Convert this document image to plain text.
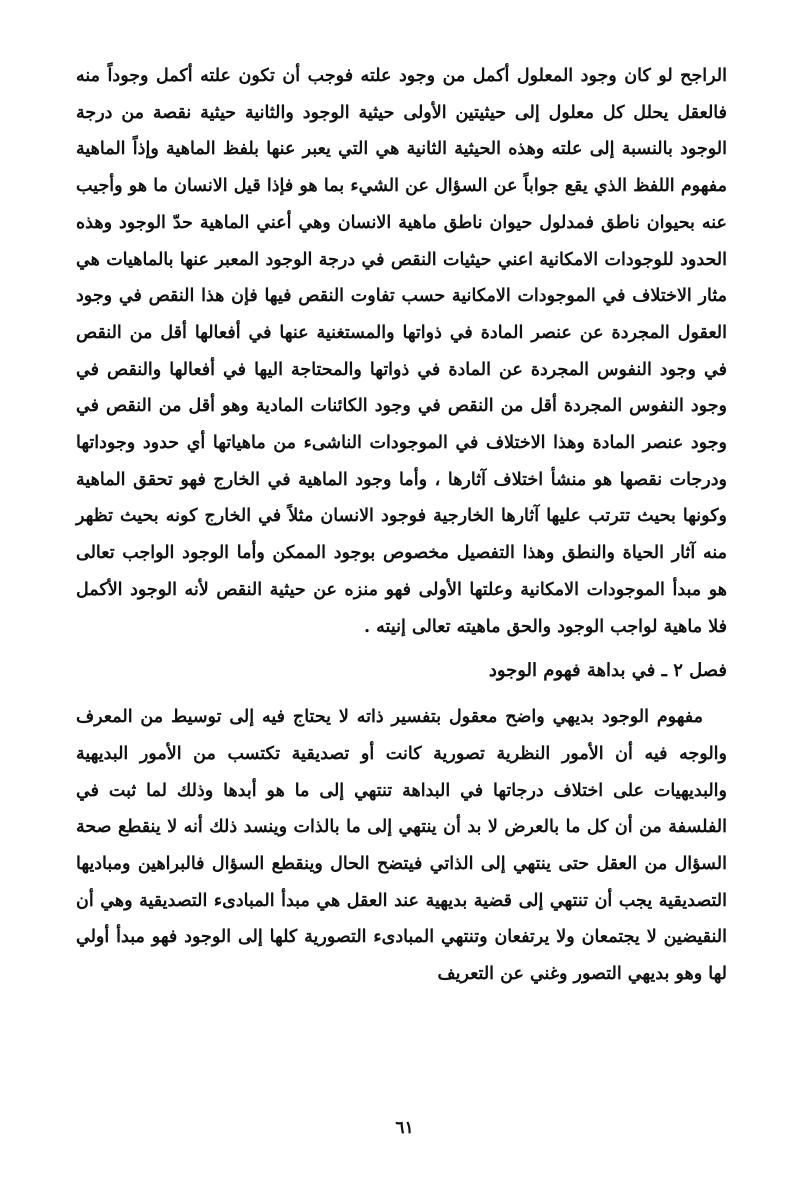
الراجح لو كان وجود المعلول أكمل من وجود علته فوجب أن تكون علته أكمل وجوداً منه فالعقل يحلل كل معلول إلى حيثيتين الأولى حيثية الوجود والثانية حيثية نقصة من درجة الوجود بالنسبة إلى علته وهذه الحيثية الثانية هي التي يعبر عنها بلفظ الماهية وإذاً الماهية مفهوم اللفظ الذي يقع جواباً عن السؤال عن الشيء بما هو فإذا قيل الانسان ما هو وأجيب عنه بحيوان ناطق فمدلول حيوان ناطق ماهية الانسان وهي أعني الماهية حدّ الوجود وهذه الحدود للوجودات الامكانية اعني حيثيات النقص في درجة الوجود المعبر عنها بالماهيات هي مثار الاختلاف في الموجودات الامكانية حسب تفاوت النقص فيها فإن هذا النقص في وجود العقول المجردة عن عنصر المادة في ذواتها والمستغنية عنها في أفعالها أقل من النقص في وجود النفوس المجردة عن المادة في ذواتها والمحتاجة اليها في أفعالها والنقص في وجود النفوس المجردة أقل من النقص في وجود الكائنات المادية وهو أقل من النقص في وجود عنصر المادة وهذا الاختلاف في الموجودات الناشىء من ماهياتها أي حدود وجوداتها ودرجات نقصها هو منشأ اختلاف آثارها ، وأما وجود الماهية في الخارج فهو تحقق الماهية وكونها بحيث تترتب عليها آثارها الخارجية فوجود الانسان مثلاً في الخارج كونه بحيث تظهر منه آثار الحياة والنطق وهذا التفصيل مخصوص بوجود الممكن وأما الوجود الواجب تعالى هو مبدأ الموجودات الامكانية وعلتها الأولى فهو منزه عن حيثية النقص لأنه الوجود الأكمل فلا ماهية لواجب الوجود والحق ماهيته تعالى إنيته .

فصل ٢ ـ في بداهة فهوم الوجود

مفهوم الوجود بديهي واضح معقول بتفسير ذاته لا يحتاج فيه إلى توسيط من المعرف والوجه فيه أن الأمور النظرية تصورية كانت أو تصديقية تكتسب من الأمور البديهية والبديهيات على اختلاف درجاتها في البداهة تنتهي إلى ما هو أبدها وذلك لما ثبت في الفلسفة من أن كل ما بالعرض لا بد أن ينتهي إلى ما بالذات وينسد ذلك أنه لا ينقطع صحة السؤال من العقل حتى ينتهي إلى الذاتي فيتضح الحال وينقطع السؤال فالبراهين ومباديها التصديقية يجب أن تنتهي إلى قضية بديهية عند العقل هي مبدأ المبادىء التصديقية وهي أن النقيضين لا يجتمعان ولا يرتفعان وتنتهي المبادىء التصورية كلها إلى الوجود فهو مبدأ أولي لها وهو بديهي التصور وغني عن التعريف

٦١
